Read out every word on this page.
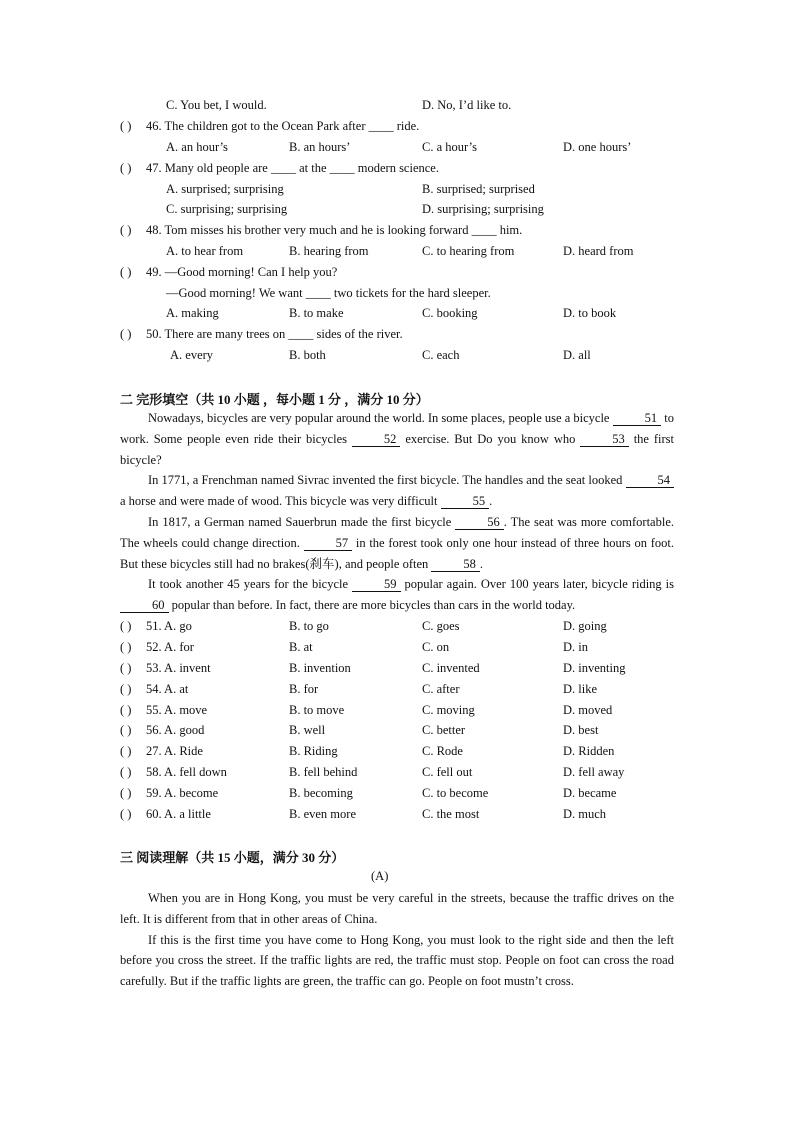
C. You bet, I would.	D. No, I’d like to.
( ) 46. The children got to the Ocean Park after ____ ride.
A. an hour’s	B. an hours’	C. a hour’s	D. one hours’
( ) 47. Many old people are ____ at the ____ modern science.
A. surprised; surprising	B. surprised; surprised
C. surprising; surprising	D. surprising; surprising
( ) 48. Tom misses his brother very much and he is looking forward ____ him.
A. to hear from	B. hearing from	C. to hearing from	D. heard from
( ) 49. —Good morning! Can I help you?
—Good morning! We want ____ two tickets for the hard sleeper.
A. making	B. to make	C. booking	D. to book
( ) 50. There are many trees on ____ sides of the river.
A. every	B. both	C. each	D. all
二 完形填空（共 10 小题 ，每小题 1 分 ，满分 10 分）

Nowadays, bicycles are very popular around the world. In some places, people use a bicycle	51 to work. Some people even ride their bicycles	52 exercise. But Do you know who	53 the first bicycle?

In 1771, a Frenchman named Sivrac invented the first bicycle. The handles and the seat looked	54 a horse and were made of wood. This bicycle was very difficult	55 .

In 1817, a German named Sauerbrun made the first bicycle	56 . The seat was more comfortable. The wheels could change direction.	57 in the forest took only one hour instead of three hours on foot. But these bicycles still had no brakes(刹车), and people often	58 .

It took another 45 years for the bicycle	59 popular again. Over 100 years later, bicycle riding is 60 popular than before. In fact, there are more bicycles than cars in the world today.

( ) 51. A. go	B. to go	C. goes	D. going
( ) 52. A. for	B. at	C. on	D. in
( ) 53. A. invent	B. invention	C. invented	D. inventing
( ) 54. A. at	B. for	C. after	D. like
( ) 55. A. move	B. to move	C. moving	D. moved
( ) 56. A. good	B. well	C. better	D. best
( ) 27. A. Ride	B. Riding	C. Rode	D. Ridden
( ) 58. A. fell down	B. fell behind	C. fell out	D. fell away
( ) 59. A. become	B. becoming	C. to become	D. became
( ) 60. A. a little	B. even more	C. the most	D. much
三 阅读理解（共 15 小题，满分 30 分）
(A)

When you are in Hong Kong, you must be very careful in the streets, because the traffic drives on the left. It is different from that in other areas of China.

If this is the first time you have come to Hong Kong, you must look to the right side and then the left before you cross the street. If the traffic lights are red, the traffic must stop. People on foot can cross the road carefully. But if the traffic lights are green, the traffic can go. People on foot mustn’t cross.
